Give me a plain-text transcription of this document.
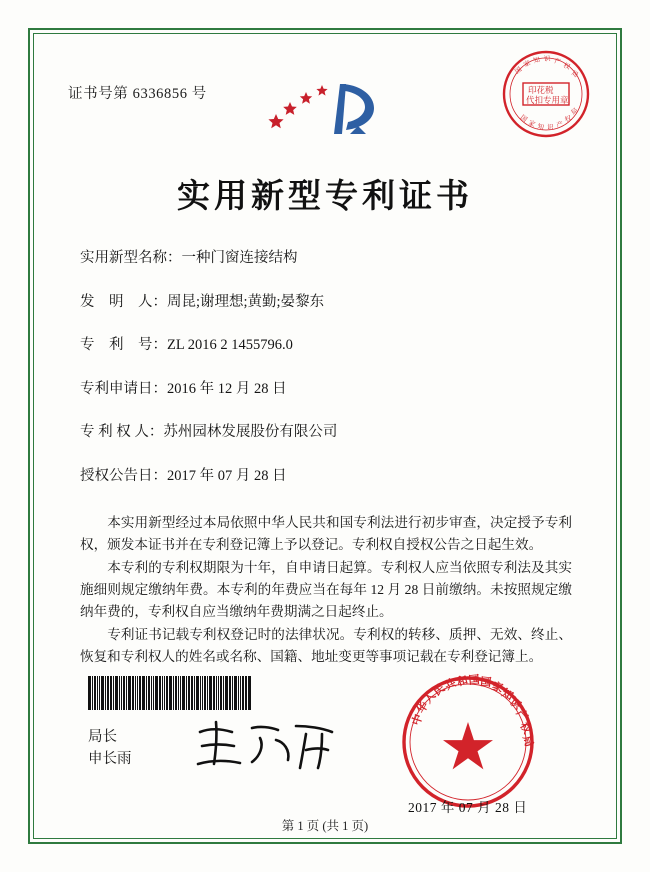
证书号第 6336856 号
国
家 知 识 产
权
局
国
家 知 识 产
权
局
印花税
代扣专用章
实用新型专利证书
实用新型名称：一种门窗连接结构
发　明　人：周昆;谢理想;黄勤;晏黎东
专　利　号：ZL 2016 2 1455796.0
专利申请日：2016 年 12 月 28 日
专 利 权 人：苏州园林发展股份有限公司
授权公告日：2017 年 07 月 28 日

本实用新型经过本局依照中华人民共和国专利法进行初步审查，决定授予专利权，颁发本证书并在专利登记簿上予以登记。专利权自授权公告之日起生效。

本专利的专利权期限为十年，自申请日起算。专利权人应当依照专利法及其实施细则规定缴纳年费。本专利的年费应当在每年 12 月 28 日前缴纳。未按照规定缴纳年费的，专利权自应当缴纳年费期满之日起终止。

专利证书记载专利权登记时的法律状况。专利权的转移、质押、无效、终止、恢复和专利权人的姓名或名称、国籍、地址变更等事项记载在专利登记簿上。

中
华
人
民
共
和
国 国
家
知
识
产
权
局
局长
申长雨
2017 年 07 月 28 日
第 1 页 (共 1 页)
